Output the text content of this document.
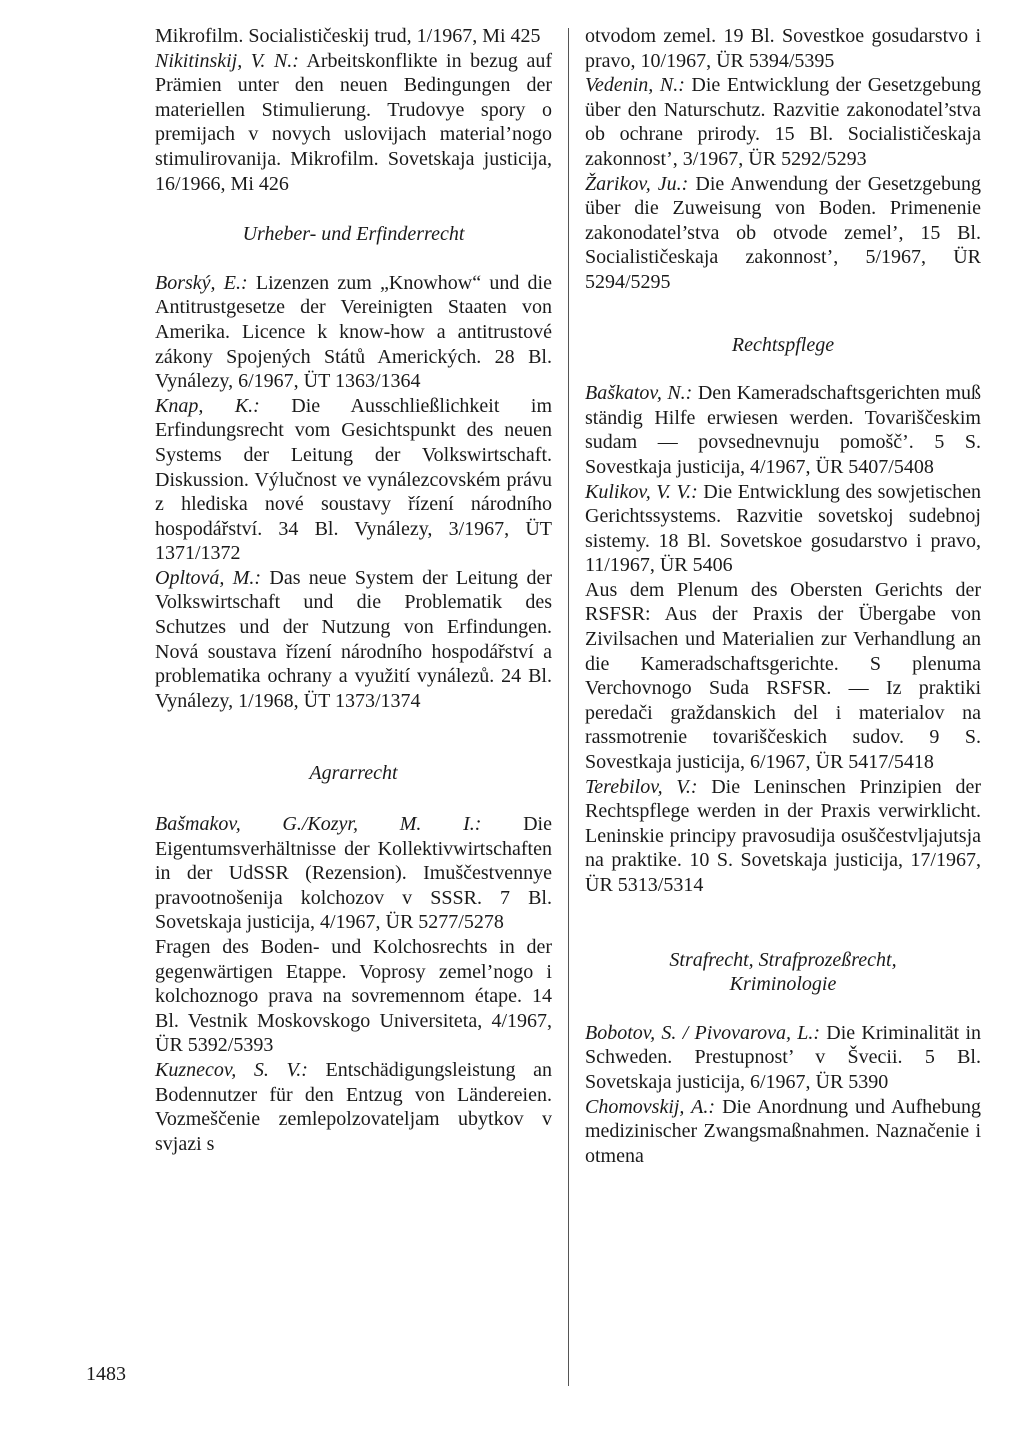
Mikrofilm. Socialističeskij trud, 1/1967, Mi 425

Nikitinskij, V. N.: Arbeitskonflikte in bezug auf Prämien unter den neuen Bedingungen der materiellen Stimulierung. Trudovye spory o premijach v novych uslovijach material’nogo stimulirovanija. Mikrofilm. Sovetskaja justicija, 16/1966, Mi 426

Urheber- und Erfinderrecht

Borský, E.: Lizenzen zum „Knowhow“ und die Antitrustgesetze der Vereinigten Staaten von Amerika. Licence k know-how a antitrustové zákony Spojených Států Amerických. 28 Bl. Vynálezy, 6/1967, ÜT 1363/1364

Knap, K.: Die Ausschließlichkeit im Erfindungsrecht vom Gesichtspunkt des neuen Systems der Leitung der Volkswirtschaft. Diskussion. Výlučnost ve vynálezcovském právu z hlediska nové soustavy řízení národního hospodářství. 34 Bl. Vynálezy, 3/1967, ÜT 1371/1372

Opltová, M.: Das neue System der Leitung der Volkswirtschaft und die Problematik des Schutzes und der Nutzung von Erfindungen. Nová soustava řízení národního hospodářství a problematika ochrany a využití vynálezů. 24 Bl. Vynálezy, 1/1968, ÜT 1373/1374

Agrarrecht

Bašmakov, G./Kozyr, M. I.: Die Eigentumsverhältnisse der Kollektivwirtschaften in der UdSSR (Rezension). Imuščestvennye pravootnošenija kolchozov v SSSR. 7 Bl. Sovetskaja justicija, 4/1967, ÜR 5277/5278

Fragen des Boden- und Kolchosrechts in der gegenwärtigen Etappe. Voprosy zemel’nogo i kolchoznogo prava na sovremennom étape. 14 Bl. Vestnik Moskovskogo Universiteta, 4/1967, ÜR 5392/5393

Kuznecov, S. V.: Entschädigungsleistung an Bodennutzer für den Entzug von Ländereien. Vozmeščenie zemlepolzovateljam ubytkov v svjazi s

otvodom zemel. 19 Bl. Sovestkoe gosudarstvo i pravo, 10/1967, ÜR 5394/5395

Vedenin, N.: Die Entwicklung der Gesetzgebung über den Naturschutz. Razvitie zakonodatel’stva ob ochrane prirody. 15 Bl. Socialističeskaja zakonnost’, 3/1967, ÜR 5292/5293

Žarikov, Ju.: Die Anwendung der Gesetzgebung über die Zuweisung von Boden. Primenenie zakonodatel’stva ob otvode zemel’, 15 Bl. Socialističeskaja zakonnost’, 5/1967, ÜR 5294/5295

Rechtspflege

Baškatov, N.: Den Kameradschaftsgerichten muß ständig Hilfe erwiesen werden. Tovariščeskim sudam — povsednevnuju pomošč’. 5 S. Sovestkaja justicija, 4/1967, ÜR 5407/5408

Kulikov, V. V.: Die Entwicklung des sowjetischen Gerichtssystems. Razvitie sovetskoj sudebnoj sistemy. 18 Bl. Sovetskoe gosudarstvo i pravo, 11/1967, ÜR 5406

Aus dem Plenum des Obersten Gerichts der RSFSR: Aus der Praxis der Übergabe von Zivilsachen und Materialien zur Verhandlung an die Kameradschaftsgerichte. S plenuma Verchovnogo Suda RSFSR. — Iz praktiki peredači graždanskich del i materialov na rassmotrenie tovariščeskich sudov. 9 S. Sovestkaja justicija, 6/1967, ÜR 5417/5418

Terebilov, V.: Die Leninschen Prinzipien der Rechtspflege werden in der Praxis verwirklicht. Leninskie principy pravosudija osuščestvljajutsja na praktike. 10 S. Sovetskaja justicija, 17/1967, ÜR 5313/5314

Strafrecht, Strafprozeßrecht,

Kriminologie

Bobotov, S. / Pivovarova, L.: Die Kriminalität in Schweden. Prestupnost’ v Švecii. 5 Bl. Sovetskaja justicija, 6/1967, ÜR 5390

Chomovskij, A.: Die Anordnung und Aufhebung medizinischer Zwangsmaßnahmen. Naznačenie i otmena

1483
